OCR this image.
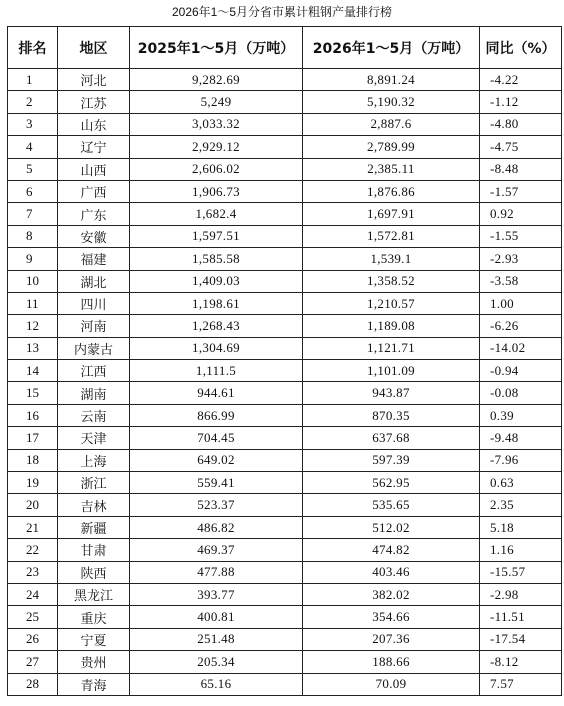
2026年1～5月分省市累计粗钢产量排行榜
排名	地区	2025年1～5月（万吨）	2026年1～5月（万吨）	同比（%）
1	河北	9,282.69	8,891.24	-4.22
2	江苏	5,249	5,190.32	-1.12
3	山东	3,033.32	2,887.6	-4.80
4	辽宁	2,929.12	2,789.99	-4.75
5	山西	2,606.02	2,385.11	-8.48
6	广西	1,906.73	1,876.86	-1.57
7	广东	1,682.4	1,697.91	0.92
8	安徽	1,597.51	1,572.81	-1.55
9	福建	1,585.58	1,539.1	-2.93
10	湖北	1,409.03	1,358.52	-3.58
11	四川	1,198.61	1,210.57	1.00
12	河南	1,268.43	1,189.08	-6.26
13	内蒙古	1,304.69	1,121.71	-14.02
14	江西	1,111.5	1,101.09	-0.94
15	湖南	944.61	943.87	-0.08
16	云南	866.99	870.35	0.39
17	天津	704.45	637.68	-9.48
18	上海	649.02	597.39	-7.96
19	浙江	559.41	562.95	0.63
20	吉林	523.37	535.65	2.35
21	新疆	486.82	512.02	5.18
22	甘肃	469.37	474.82	1.16
23	陕西	477.88	403.46	-15.57
24	黑龙江	393.77	382.02	-2.98
25	重庆	400.81	354.66	-11.51
26	宁夏	251.48	207.36	-17.54
27	贵州	205.34	188.66	-8.12
28	青海	65.16	70.09	7.57
